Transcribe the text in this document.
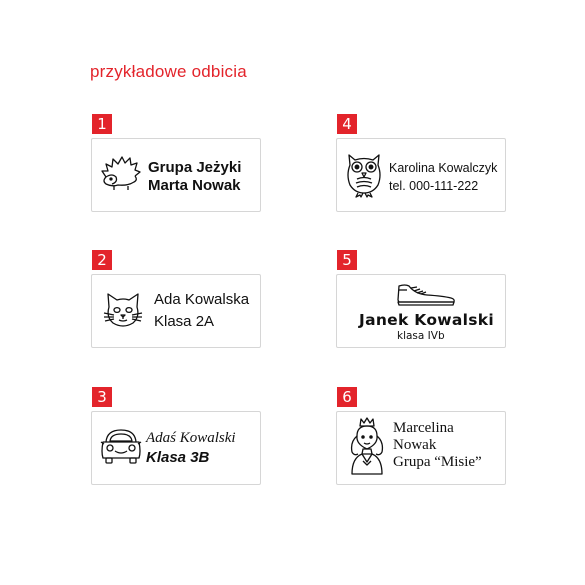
przykładowe odbicia
1
Grupa Jeżyki
Marta Nowak
2
Ada Kowalska
Klasa 2A
3
Adaś Kowalski
Klasa 3B
4
Karolina Kowalczyk
tel. 000-111-222
5
Janek Kowalski
klasa IVb
6
Marcelina
Nowak
Grupa “Misie”
